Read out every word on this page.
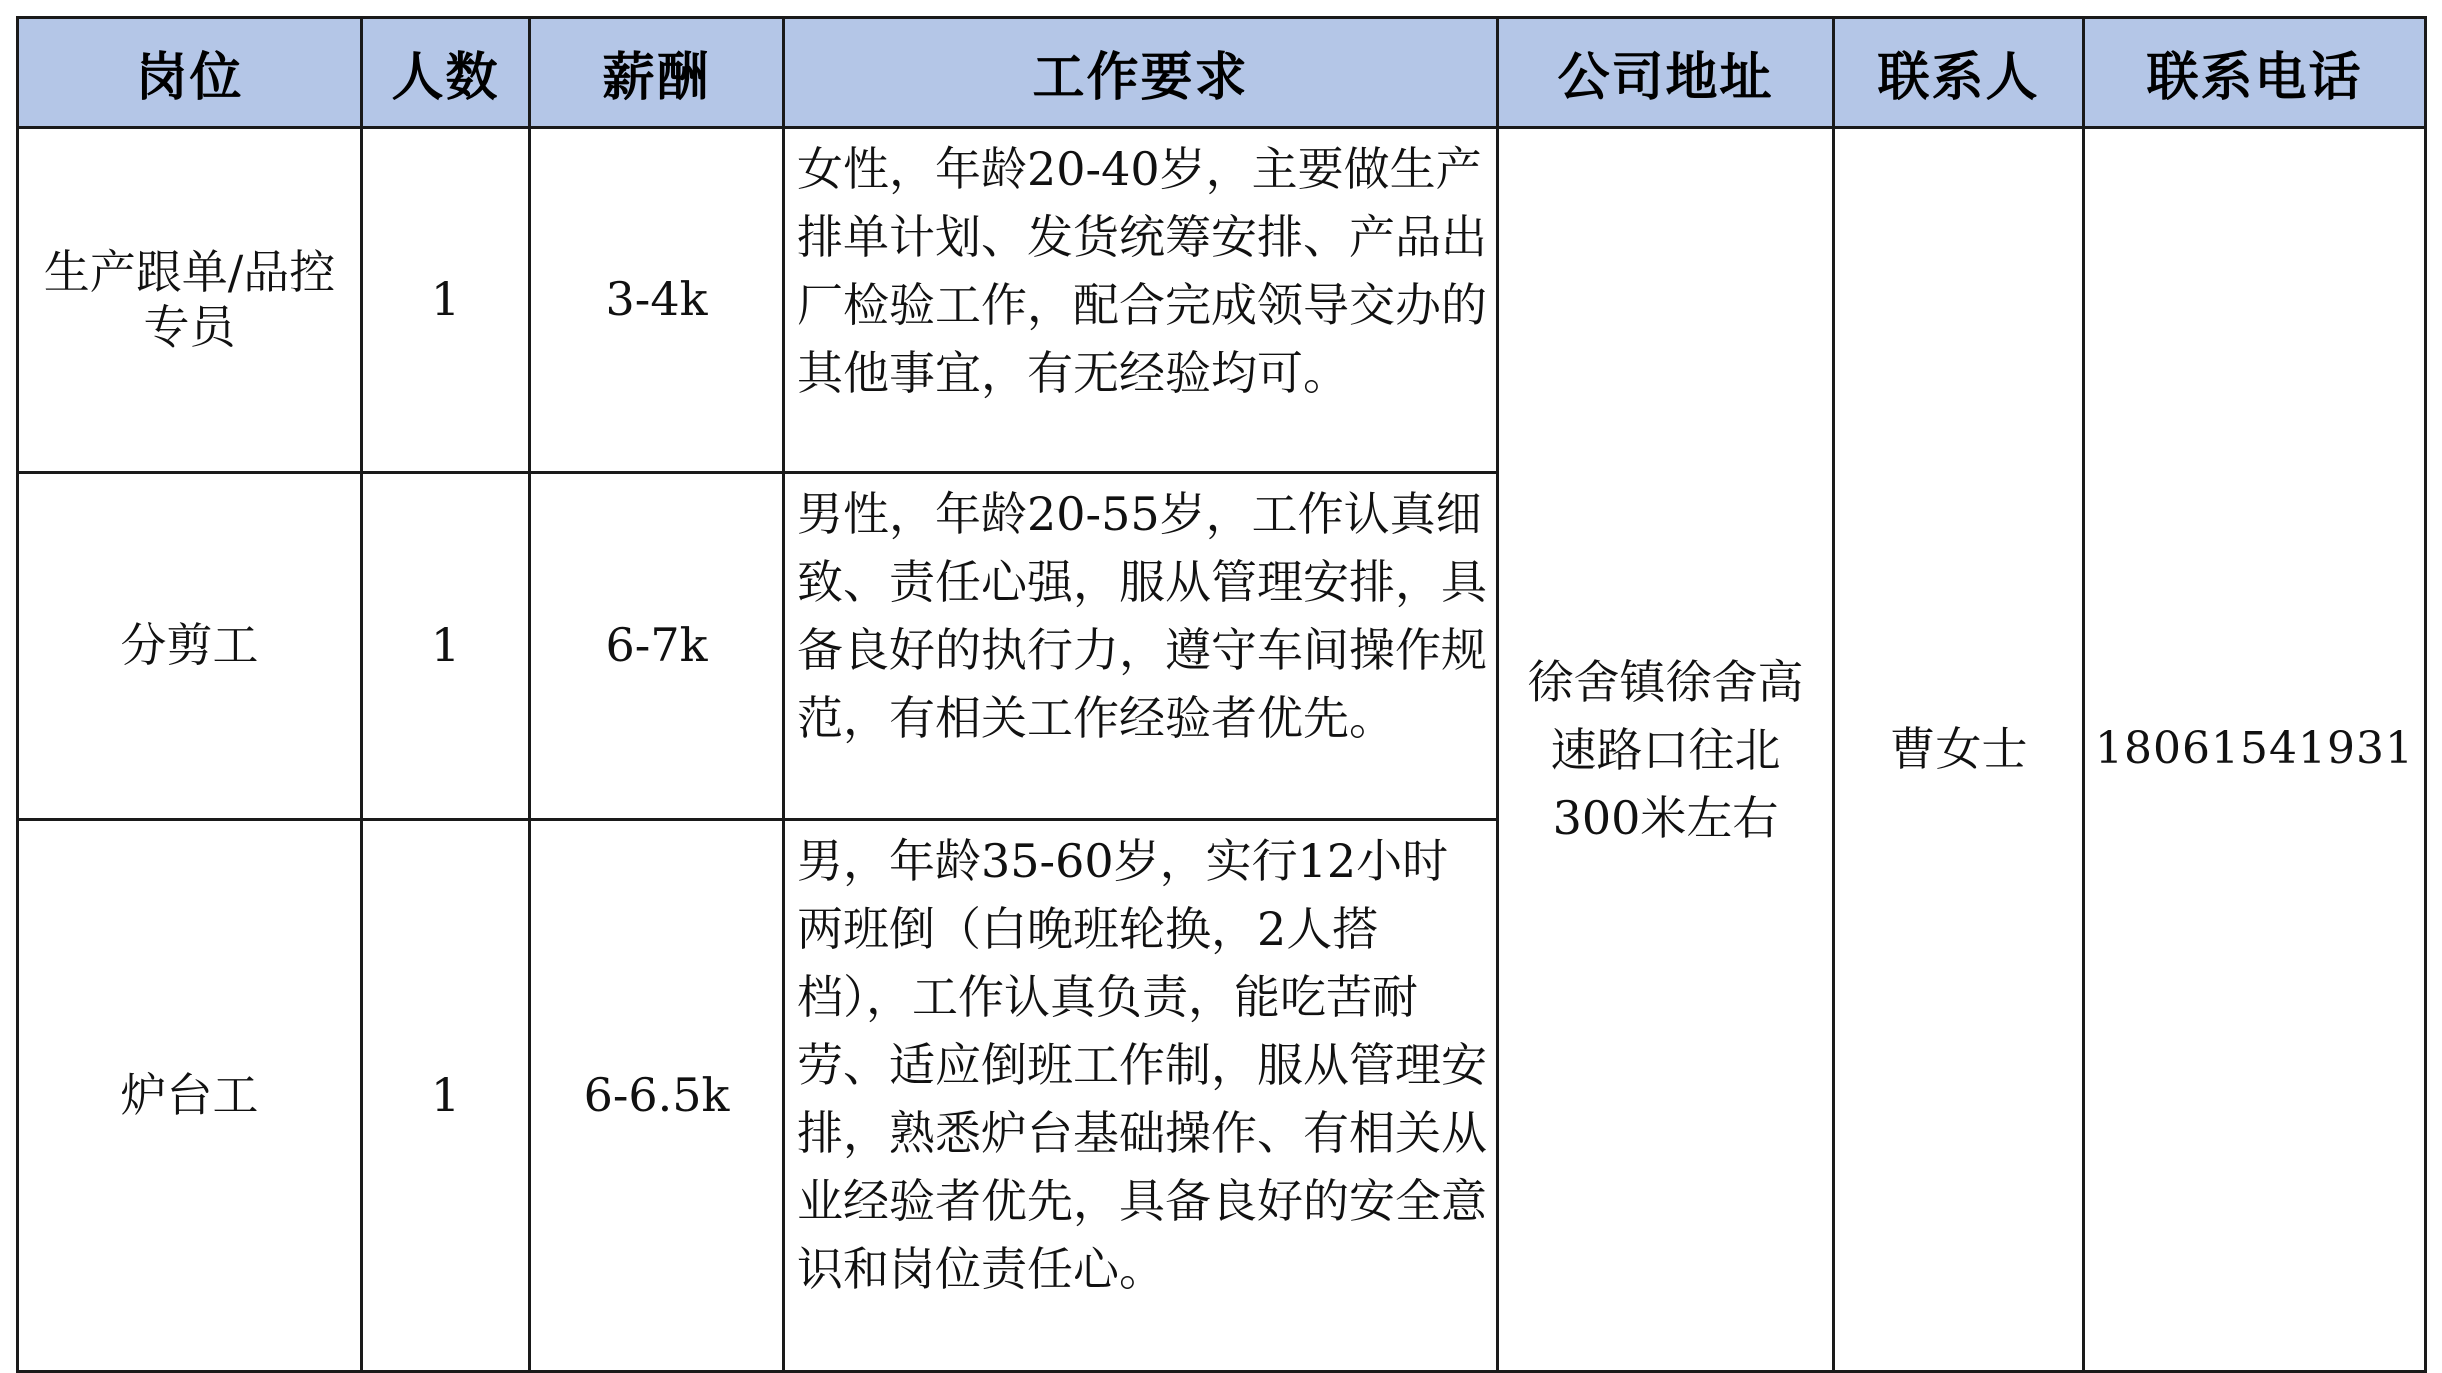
岗位	人数	薪酬	工作要求	公司地址	联系人	联系电话
生产跟单/品控专员	1	3-4k	女性，年龄20-40岁，主要做生产排单计划、发货统筹安排、产品出厂检验工作，配合完成领导交办的其他事宜，有无经验均可。	徐舍镇徐舍高速路口往北300米左右	曹女士	18061541931
分剪工	1	6-7k	男性，年龄20-55岁，工作认真细致、责任心强，服从管理安排，具备良好的执行力，遵守车间操作规范，有相关工作经验者优先。			
炉台工	1	6-6.5k	男，年龄35-60岁，实行12小时两班倒（白晚班轮换，2人搭档），工作认真负责，能吃苦耐劳、适应倒班工作制，服从管理安排，熟悉炉台基础操作、有相关从业经验者优先，具备良好的安全意识和岗位责任心。			
